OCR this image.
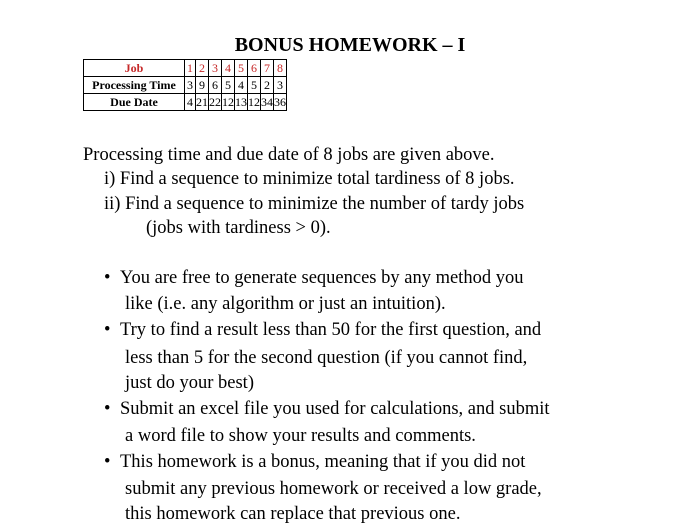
BONUS HOMEWORK – I
Job	1	2	3	4	5	6	7	8
Processing Time	3	9	6	5	4	5	2	3
Due Date	4	21	22	12	13	12	34	36
Processing time and due date of 8 jobs are given above.
i) Find a sequence to minimize total tardiness of 8 jobs.
ii) Find a sequence to minimize the number of tardy jobs
(jobs with tardiness > 0).
• You are free to generate sequences by any method you
like (i.e. any algorithm or just an intuition).
• Try to find a result less than 50 for the first question, and
less than 5 for the second question (if you cannot find,
just do your best)
• Submit an excel file you used for calculations, and submit
a word file to show your results and comments.
• This homework is a bonus, meaning that if you did not
submit any previous homework or received a low grade,
this homework can replace that previous one.
